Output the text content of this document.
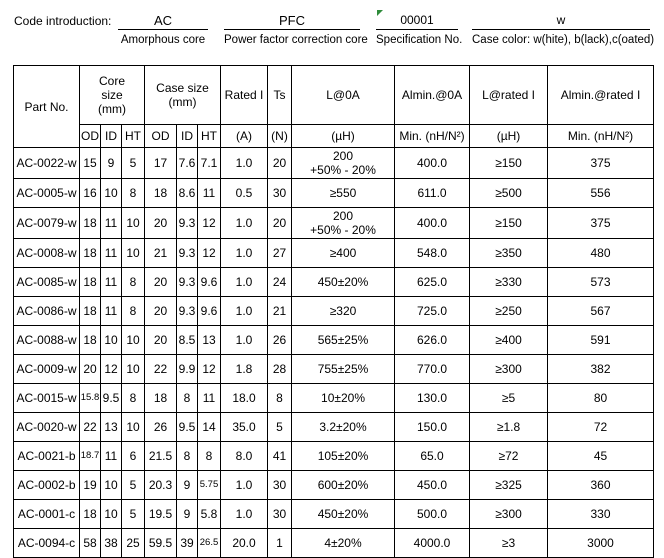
Code introduction:	AC
Amorphous core
PFC
Power factor correction core
00001
Specification No.
w
Case color: w(hite), b(lack),c(oated)
Part No.	Core size (mm)			Case size (mm)			Rated I	Ts	L@0A	Almin.@0A	L@rated I	Almin.@rated I
	OD	ID	HT	OD	ID	HT	(A)	(N)	(µH)	Min. (nH/N²)	(µH)	Min. (nH/N²)
AC-0022-w	15	9	5	17	7.6	7.1	1.0	20	200
+50% - 20%	400.0	≥150	375
AC-0005-w	16	10	8	18	8.6	11	0.5	30	≥550	611.0	≥500	556
AC-0079-w	18	11	10	20	9.3	12	1.0	20	200
+50% - 20%	400.0	≥150	375
AC-0008-w	18	11	10	21	9.3	12	1.0	27	≥400	548.0	≥350	480
AC-0085-w	18	11	8	20	9.3	9.6	1.0	24	450±20%	625.0	≥330	573
AC-0086-w	18	11	8	20	9.3	9.6	1.0	21	≥320	725.0	≥250	567
AC-0088-w	18	10	10	20	8.5	13	1.0	26	565±25%	626.0	≥400	591
AC-0009-w	20	12	10	22	9.9	12	1.8	28	755±25%	770.0	≥300	382
AC-0015-w	15.8	9.5	8	18	8	11	18.0	8	10±20%	130.0	≥5	80
AC-0020-w	22	13	10	26	9.5	14	35.0	5	3.2±20%	150.0	≥1.8	72
AC-0021-b	18.7	11	6	21.5	8	8	8.0	41	105±20%	65.0	≥72	45
AC-0002-b	19	10	5	20.3	9	5.75	1.0	30	600±20%	450.0	≥325	360
AC-0001-c	18	10	5	19.5	9	5.8	1.0	30	450±20%	500.0	≥300	330
AC-0094-c	58	38	25	59.5	39	26.5	20.0	1	4±20%	4000.0	≥3	3000
